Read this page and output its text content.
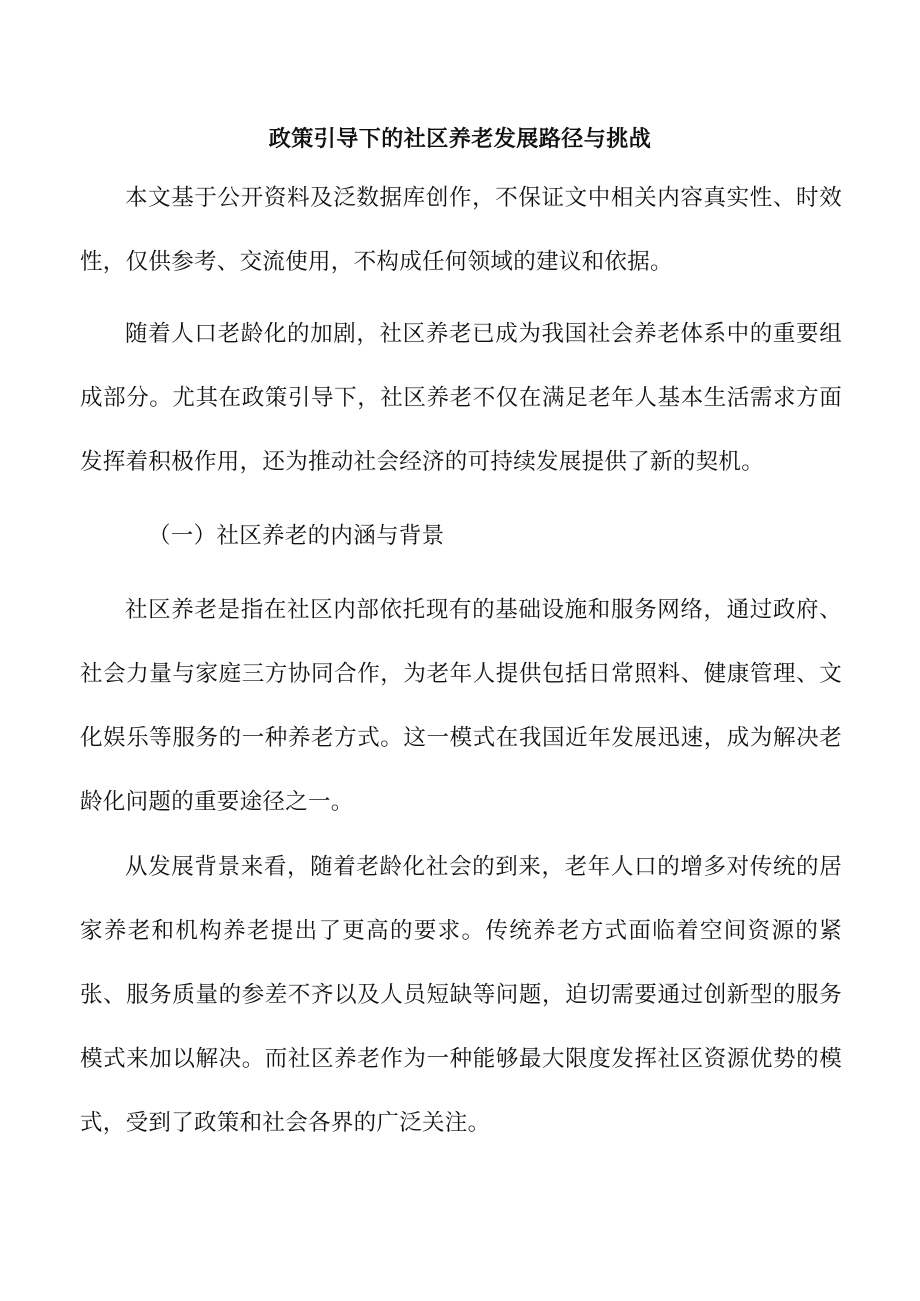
政策引导下的社区养老发展路径与挑战

本文基于公开资料及泛数据库创作，不保证文中相关内容真实性、时效性，仅供参考、交流使用，不构成任何领域的建议和依据。

随着人口老龄化的加剧，社区养老已成为我国社会养老体系中的重要组成部分。尤其在政策引导下，社区养老不仅在满足老年人基本生活需求方面发挥着积极作用，还为推动社会经济的可持续发展提供了新的契机。

（一）社区养老的内涵与背景

社区养老是指在社区内部依托现有的基础设施和服务网络，通过政府、社会力量与家庭三方协同合作，为老年人提供包括日常照料、健康管理、文化娱乐等服务的一种养老方式。这一模式在我国近年发展迅速，成为解决老龄化问题的重要途径之一。

从发展背景来看，随着老龄化社会的到来，老年人口的增多对传统的居家养老和机构养老提出了更高的要求。传统养老方式面临着空间资源的紧张、服务质量的参差不齐以及人员短缺等问题，迫切需要通过创新型的服务模式来加以解决。而社区养老作为一种能够最大限度发挥社区资源优势的模式，受到了政策和社会各界的广泛关注。
